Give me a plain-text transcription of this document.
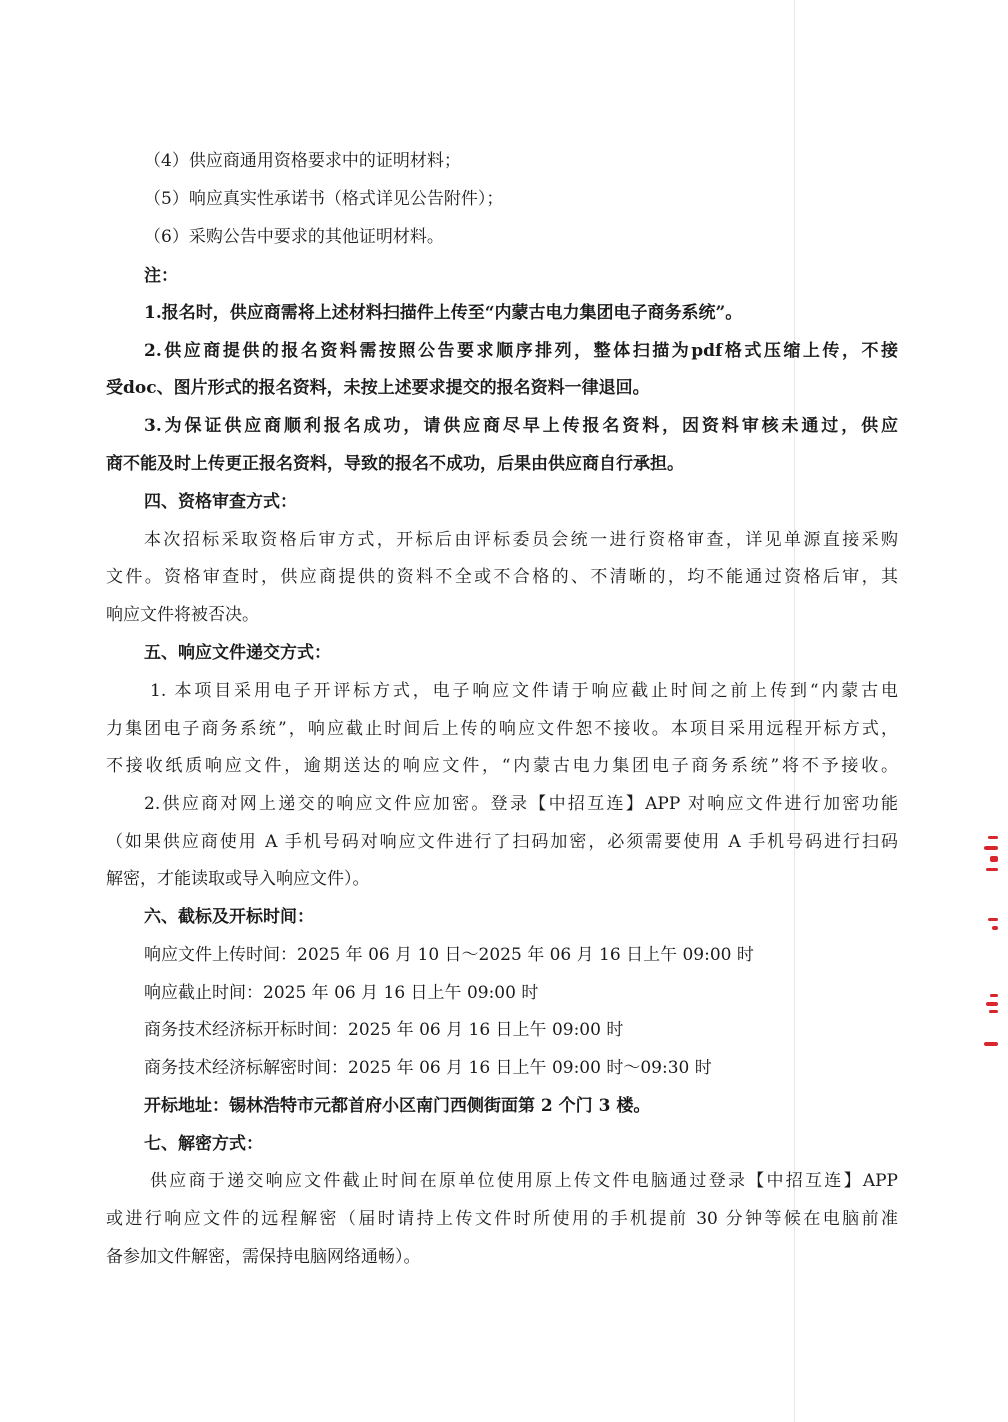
（4）供应商通用资格要求中的证明材料；
（5）响应真实性承诺书（格式详见公告附件）；
（6）采购公告中要求的其他证明材料。
注：
1.报名时，供应商需将上述材料扫描件上传至“内蒙古电力集团电子商务系统”。
2.供应商提供的报名资料需按照公告要求顺序排列，整体扫描为pdf格式压缩上传，不接
受doc、图片形式的报名资料，未按上述要求提交的报名资料一律退回。
3.为保证供应商顺利报名成功，请供应商尽早上传报名资料，因资料审核未通过，供应
商不能及时上传更正报名资料，导致的报名不成功，后果由供应商自行承担。
四、资格审查方式：
本次招标采取资格后审方式，开标后由评标委员会统一进行资格审查，详见单源直接采购
文件。资格审查时，供应商提供的资料不全或不合格的、不清晰的，均不能通过资格后审，其
响应文件将被否决。
五、响应文件递交方式：
1. 本项目采用电子开评标方式，电子响应文件请于响应截止时间之前上传到“内蒙古电
力集团电子商务系统”，响应截止时间后上传的响应文件恕不接收。本项目采用远程开标方式，
不接收纸质响应文件，逾期送达的响应文件，“内蒙古电力集团电子商务系统”将不予接收。
2.供应商对网上递交的响应文件应加密。登录【中招互连】APP 对响应文件进行加密功能
（如果供应商使用 A 手机号码对响应文件进行了扫码加密，必须需要使用 A 手机号码进行扫码
解密，才能读取或导入响应文件）。
六、截标及开标时间：
响应文件上传时间：2025 年 06 月 10 日～2025 年 06 月 16 日上午 09:00 时
响应截止时间：2025 年 06 月 16 日上午 09:00 时
商务技术经济标开标时间：2025 年 06 月 16 日上午 09:00 时
商务技术经济标解密时间：2025 年 06 月 16 日上午 09:00 时～09:30 时
开标地址：锡林浩特市元都首府小区南门西侧街面第 2 个门 3 楼。
七、解密方式：
供应商于递交响应文件截止时间在原单位使用原上传文件电脑通过登录【中招互连】APP
或进行响应文件的远程解密（届时请持上传文件时所使用的手机提前 30 分钟等候在电脑前准
备参加文件解密，需保持电脑网络通畅）。
